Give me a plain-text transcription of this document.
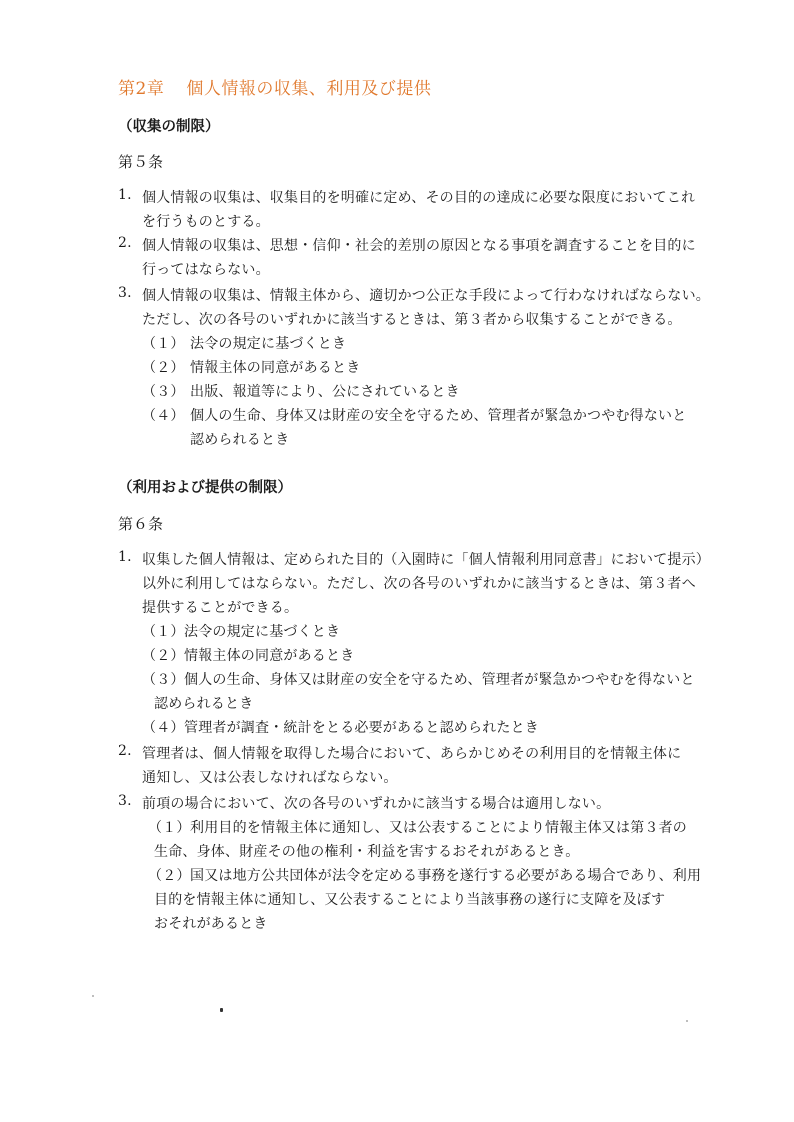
第2章 個人情報の収集、利用及び提供
（収集の制限）
第５条
1. 個人情報の収集は、収集目的を明確に定め、その目的の達成に必要な限度においてこれ
を行うものとする。
2. 個人情報の収集は、思想・信仰・社会的差別の原因となる事項を調査することを目的に
行ってはならない。
3. 個人情報の収集は、情報主体から、適切かつ公正な手段によって行わなければならない。
ただし、次の各号のいずれかに該当するときは、第３者から収集することができる。
（１） 法令の規定に基づくとき
（２） 情報主体の同意があるとき
（３） 出版、報道等により、公にされているとき
（４） 個人の生命、身体又は財産の安全を守るため、管理者が緊急かつやむ得ないと
認められるとき
（利用および提供の制限）
第６条
1. 収集した個人情報は、定められた目的（入園時に「個人情報利用同意書」において提示）
以外に利用してはならない。ただし、次の各号のいずれかに該当するときは、第３者へ
提供することができる。
（１） 法令の規定に基づくとき
（２） 情報主体の同意があるとき
（３） 個人の生命、身体又は財産の安全を守るため、管理者が緊急かつやむを得ないと
認められるとき
（４） 管理者が調査・統計をとる必要があると認められたとき
2. 管理者は、個人情報を取得した場合において、あらかじめその利用目的を情報主体に
通知し、又は公表しなければならない。
3. 前項の場合において、次の各号のいずれかに該当する場合は適用しない。
（１） 利用目的を情報主体に通知し、又は公表することにより情報主体又は第３者の
生命、身体、財産その他の権利・利益を害するおそれがあるとき。
（２） 国又は地方公共団体が法令を定める事務を遂行する必要がある場合であり、利用
目的を情報主体に通知し、又公表することにより当該事務の遂行に支障を及ぼす
おそれがあるとき
